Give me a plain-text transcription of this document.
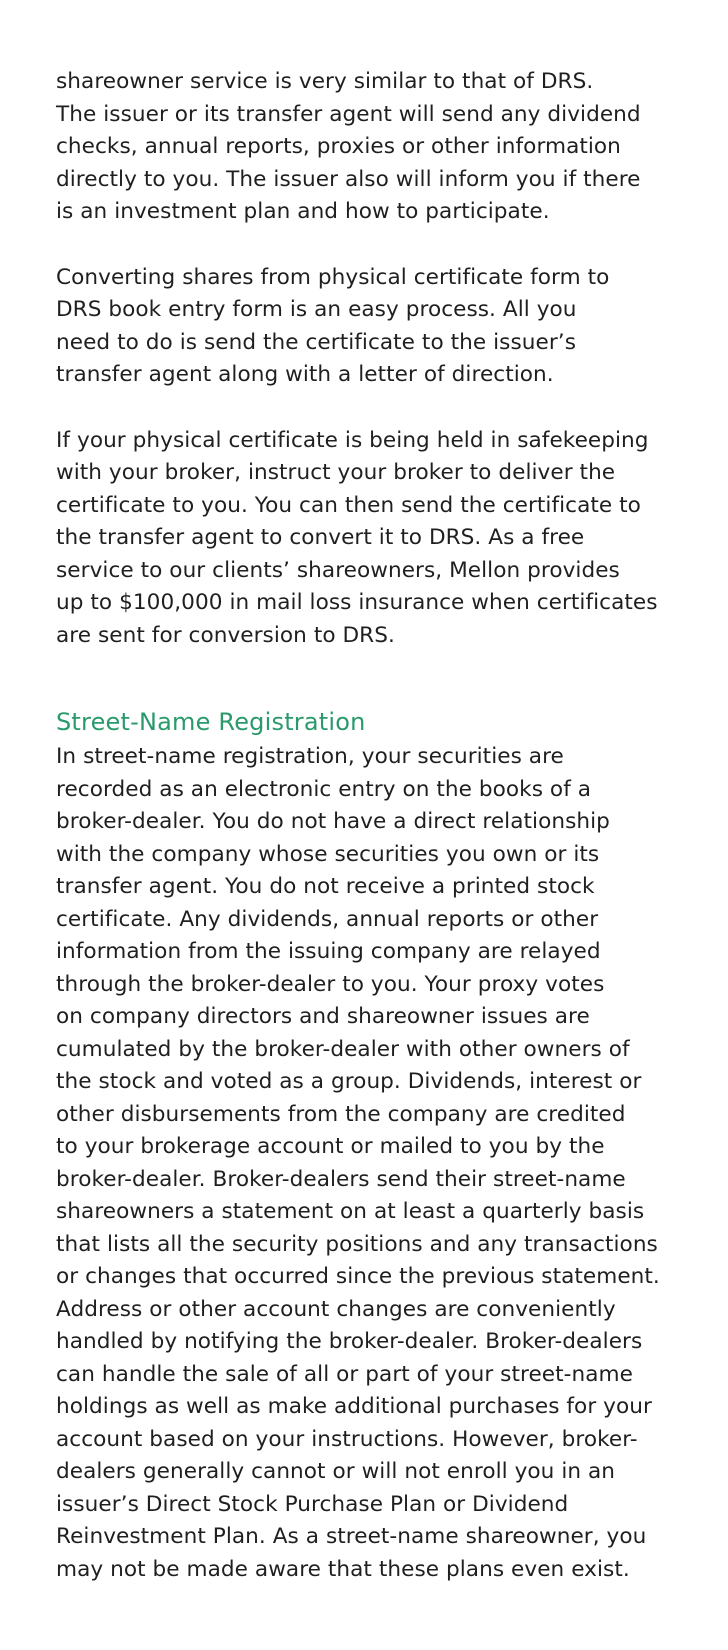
shareowner service is very similar to that of DRS.
The issuer or its transfer agent will send any dividend
checks, annual reports, proxies or other information
directly to you. The issuer also will inform you if there
is an investment plan and how to participate.

Converting shares from physical certificate form to
DRS book entry form is an easy process. All you
need to do is send the certificate to the issuer’s
transfer agent along with a letter of direction.

If your physical certificate is being held in safekeeping
with your broker, instruct your broker to deliver the
certificate to you. You can then send the certificate to
the transfer agent to convert it to DRS. As a free
service to our clients’ shareowners, Mellon provides
up to $100,000 in mail loss insurance when certificates
are sent for conversion to DRS.

Street-Name Registration

In street-name registration, your securities are
recorded as an electronic entry on the books of a
broker-dealer. You do not have a direct relationship
with the company whose securities you own or its
transfer agent. You do not receive a printed stock
certificate. Any dividends, annual reports or other
information from the issuing company are relayed
through the broker-dealer to you. Your proxy votes
on company directors and shareowner issues are
cumulated by the broker-dealer with other owners of
the stock and voted as a group. Dividends, interest or
other disbursements from the company are credited
to your brokerage account or mailed to you by the
broker-dealer. Broker-dealers send their street-name
shareowners a statement on at least a quarterly basis
that lists all the security positions and any transactions
or changes that occurred since the previous statement.
Address or other account changes are conveniently
handled by notifying the broker-dealer. Broker-dealers
can handle the sale of all or part of your street-name
holdings as well as make additional purchases for your
account based on your instructions. However, broker-
dealers generally cannot or will not enroll you in an
issuer’s Direct Stock Purchase Plan or Dividend
Reinvestment Plan. As a street-name shareowner, you
may not be made aware that these plans even exist.
